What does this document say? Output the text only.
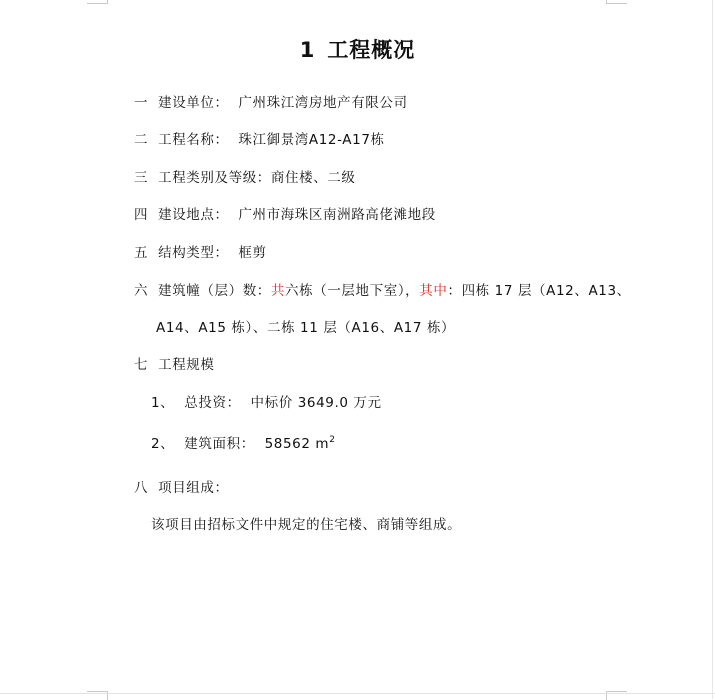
1 工程概况
一 建设单位： 广州珠江湾房地产有限公司
二 工程名称： 珠江御景湾A12-A17栋
三 工程类别及等级：商住楼、二级
四 建设地点： 广州市海珠区南洲路高佬滩地段
五 结构类型： 框剪
六 建筑幢（层）数：共六栋（一层地下室），其中：四栋 17 层（A12、A13、
A14、A15 栋）、二栋 11 层（A16、A17 栋）
七 工程规模
1、 总投资： 中标价 3649.0 万元
2、 建筑面积： 58562 $m^2$
八 项目组成：
该项目由招标文件中规定的住宅楼、商铺等组成。
